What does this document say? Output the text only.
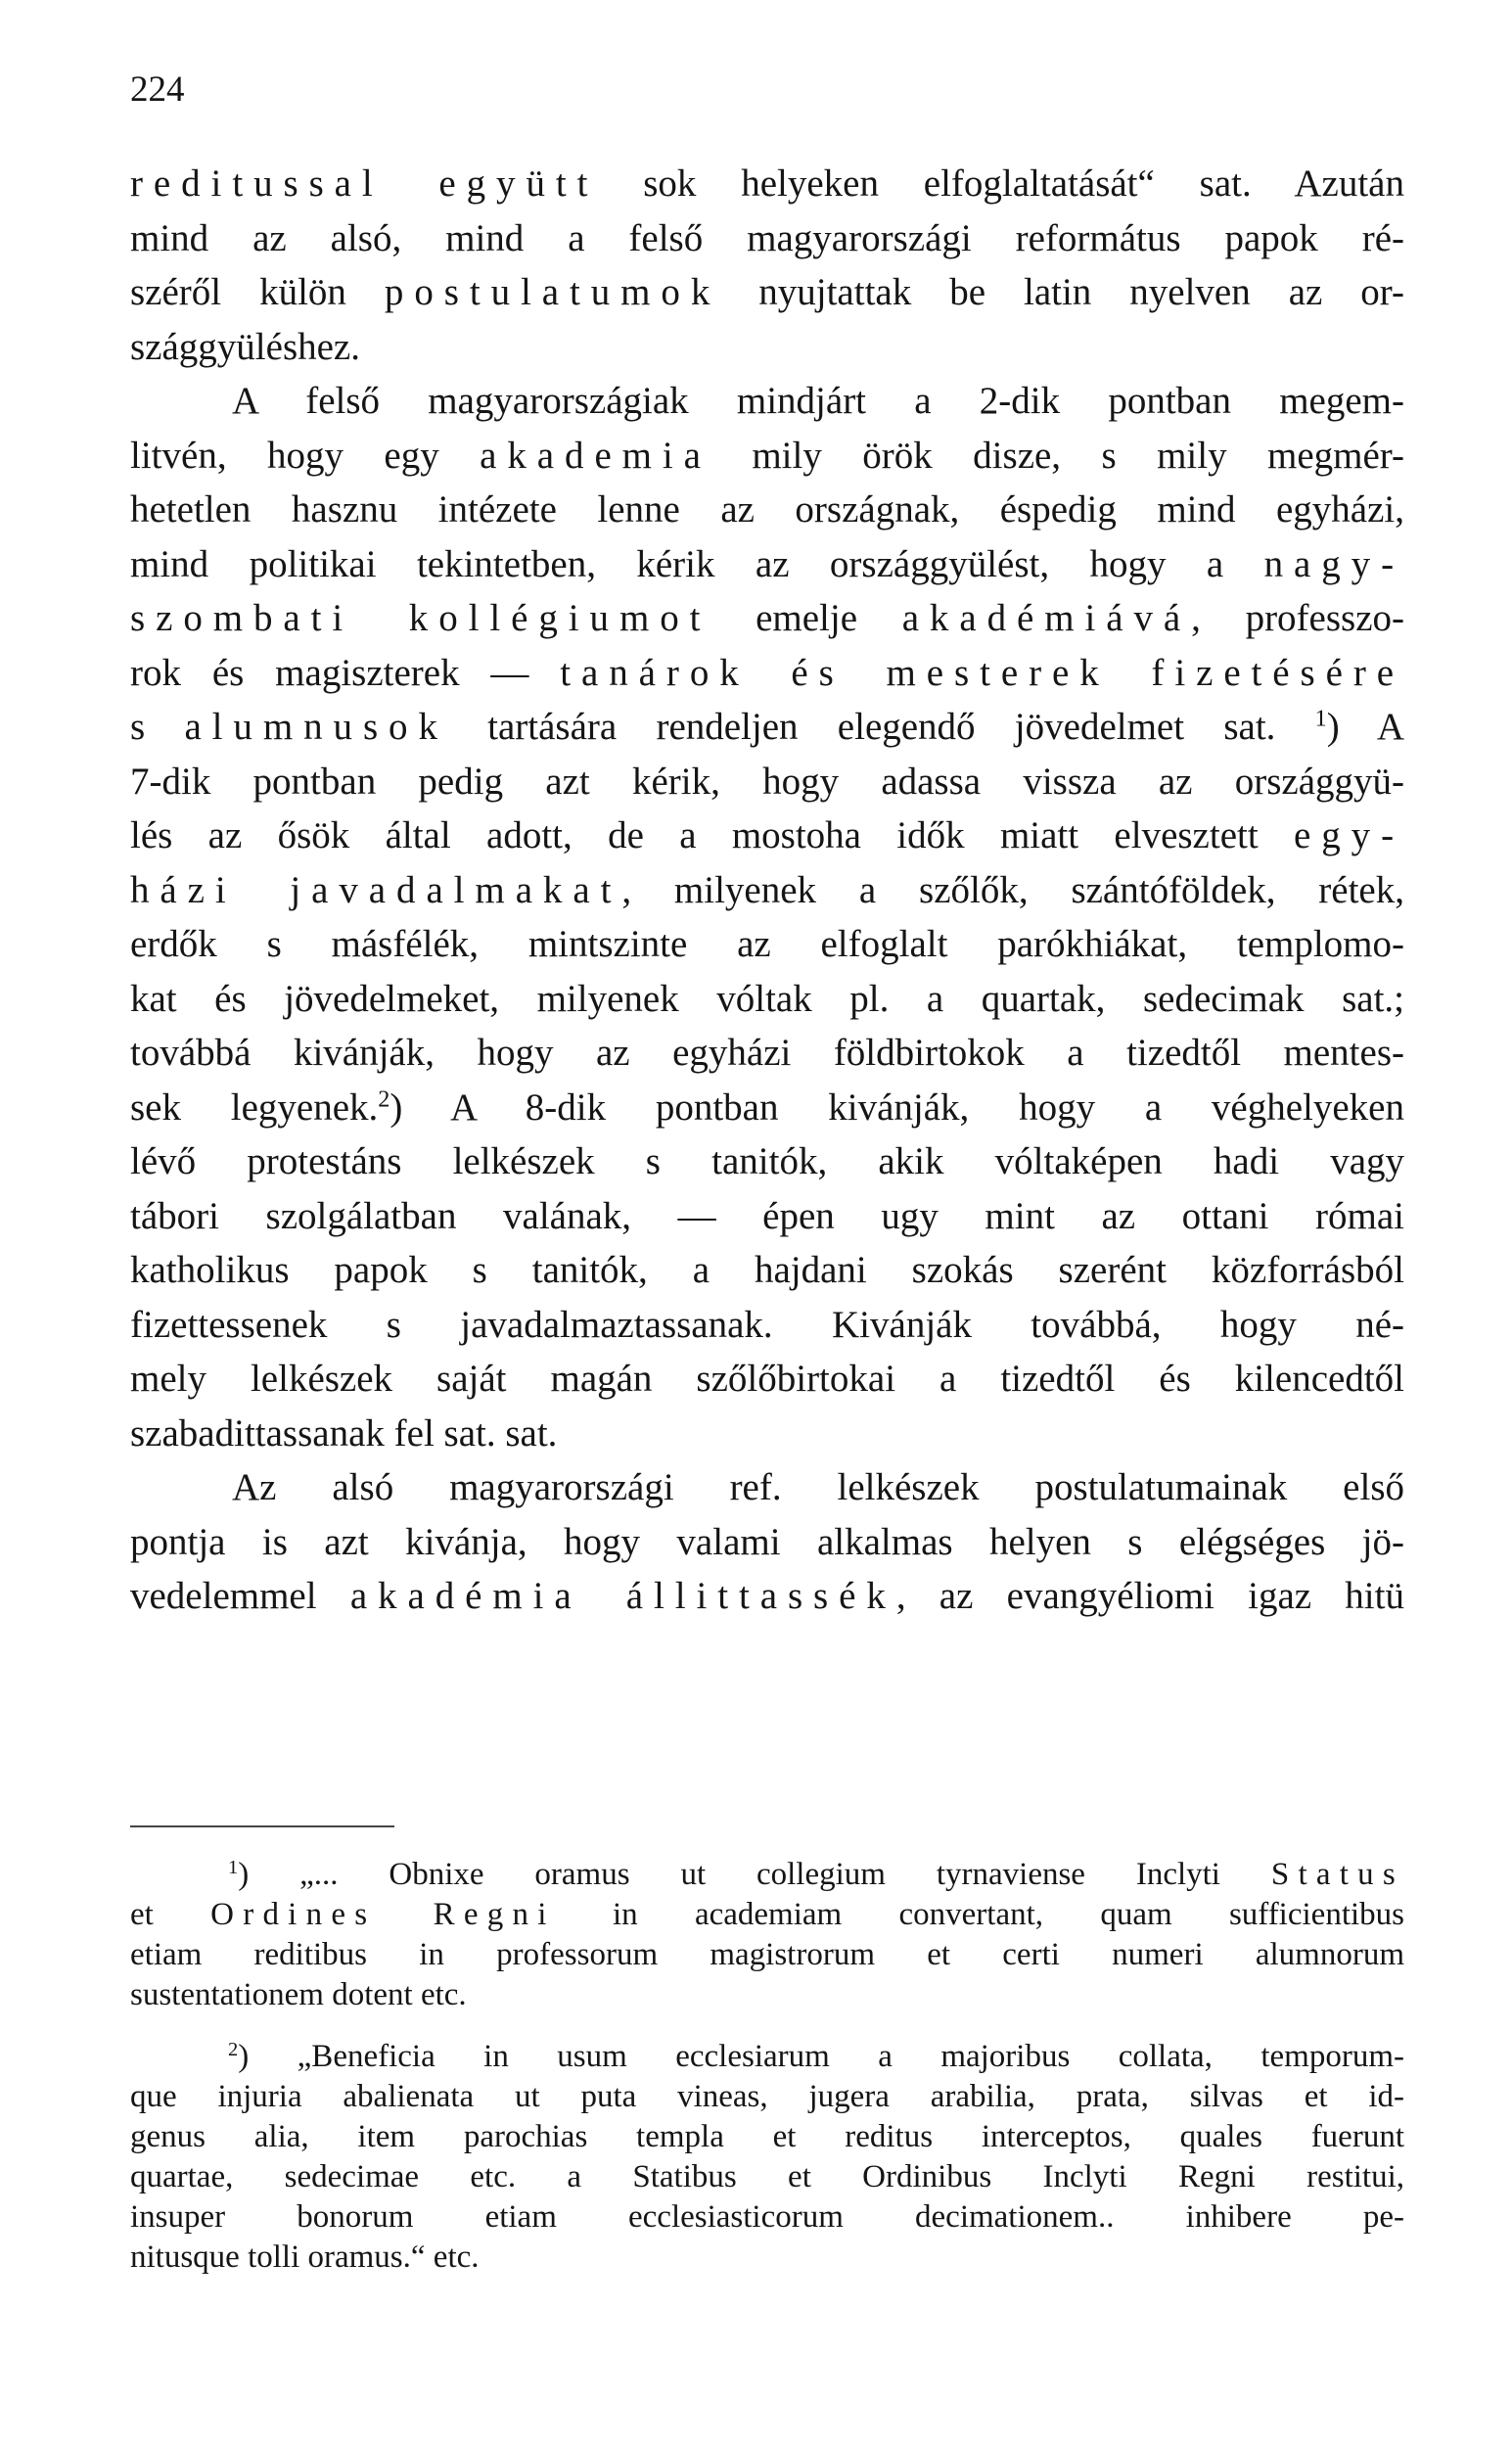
224
reditussal együtt sok helyeken elfoglaltatását“ sat. Azután
mind az alsó, mind a felső magyarországi református papok ré-
széről külön postulatumok nyujtattak be latin nyelven az or-
szággyüléshez.
A felső magyarországiak mindjárt a 2-dik pontban megem-
litvén, hogy egy akademia mily örök disze, s mily megmér-
hetetlen hasznu intézete lenne az országnak, éspedig mind egyházi,
mind politikai tekintetben, kérik az országgyülést, hogy a nagy-
szombati kollégiumot emelje akadémiává, professzo-
rok és magiszterek — tanárok és mesterek fizetésére
s alumnusok tartására rendeljen elegendő jövedelmet sat. $^1$) A
7-dik pontban pedig azt kérik, hogy adassa vissza az országgyü-
lés az ősök által adott, de a mostoha idők miatt elvesztett egy-
házi javadalmakat, milyenek a szőlők, szántóföldek, rétek,
erdők s másfélék, mintszinte az elfoglalt parókhiákat, templomo-
kat és jövedelmeket, milyenek vóltak pl. a quartak, sedecimak sat.;
továbbá kivánják, hogy az egyházi földbirtokok a tizedtől mentes-
sek legyenek.$^2$) A 8-dik pontban kivánják, hogy a véghelyeken
lévő protestáns lelkészek s tanitók, akik vóltaképen hadi vagy
tábori szolgálatban valának, — épen ugy mint az ottani római
katholikus papok s tanitók, a hajdani szokás szerént közforrásból
fizettessenek s javadalmaztassanak. Kivánják továbbá, hogy né-
mely lelkészek saját magán szőlőbirtokai a tizedtől és kilencedtől
szabadittassanak fel sat. sat.
Az alsó magyarországi ref. lelkészek postulatumainak első
pontja is azt kivánja, hogy valami alkalmas helyen s elégséges jö-
vedelemmel akadémia állittassék, az evangyéliomi igaz hitü
$^1$) „... Obnixe oramus ut collegium tyrnaviense Inclyti Status
et Ordines Regni in academiam convertant, quam sufficientibus
etiam reditibus in professorum magistrorum et certi numeri alumnorum
sustentationem dotent etc.
$^2$) „Beneficia in usum ecclesiarum a majoribus collata, temporum-
que injuria abalienata ut puta vineas, jugera arabilia, prata, silvas et id-
genus alia, item parochias templa et reditus interceptos, quales fuerunt
quartae, sedecimae etc. a Statibus et Ordinibus Inclyti Regni restitui,
insuper bonorum etiam ecclesiasticorum decimationem.. inhibere pe-
nitusque tolli oramus.“ etc.
